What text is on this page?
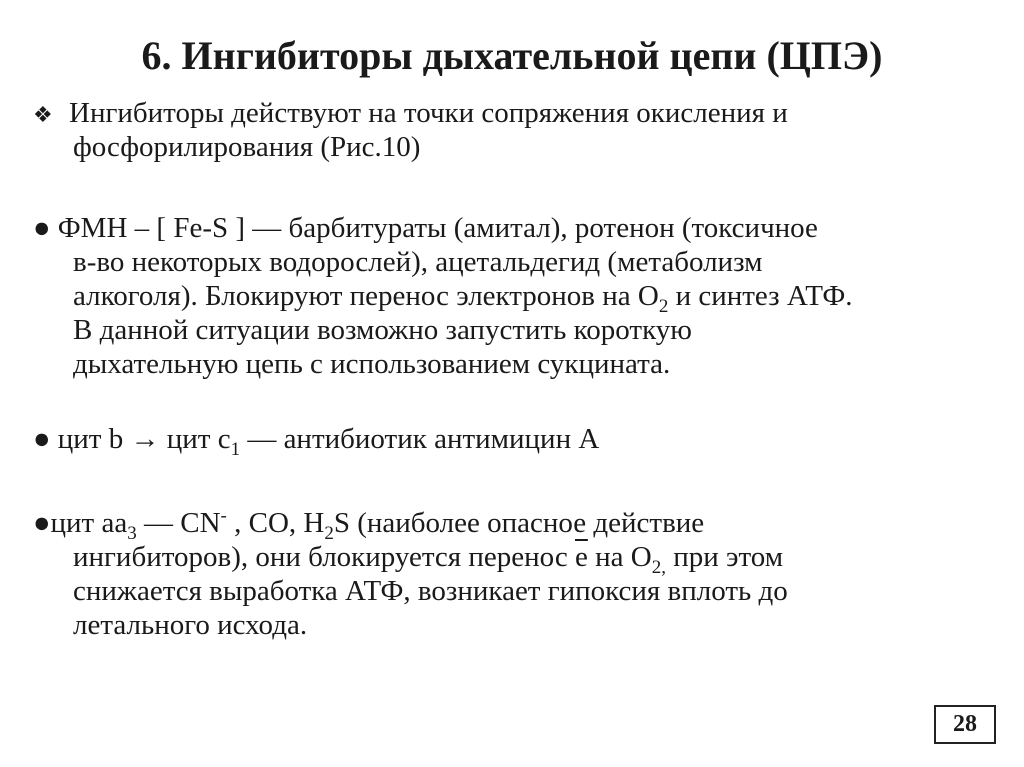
6. Ингибиторы дыхательной цепи (ЦПЭ)
❖ Ингибиторы действуют на точки сопряжения окисления и
фосфорилирования (Рис.10)
● ФМН – [ Fe-S ] — барбитураты (амитал), ротенон (токсичное
в-во некоторых водорослей), ацетальдегид (метаболизм
алкоголя). Блокируют перенос электронов на $О_2$ и синтез АТФ.
В данной ситуации возможно запустить короткую
дыхательную цепь с использованием сукцината.
● цит b → цит $c_1$ — антибиотик антимицин А
●цит $aa_3$ — CN- , CO, $H_2S$ (наиболее опасное действие
ингибиторов), они блокируется перенос е на $О_{2,}$ при этом
снижается выработка АТФ, возникает гипоксия вплоть до
летального исхода.
28
